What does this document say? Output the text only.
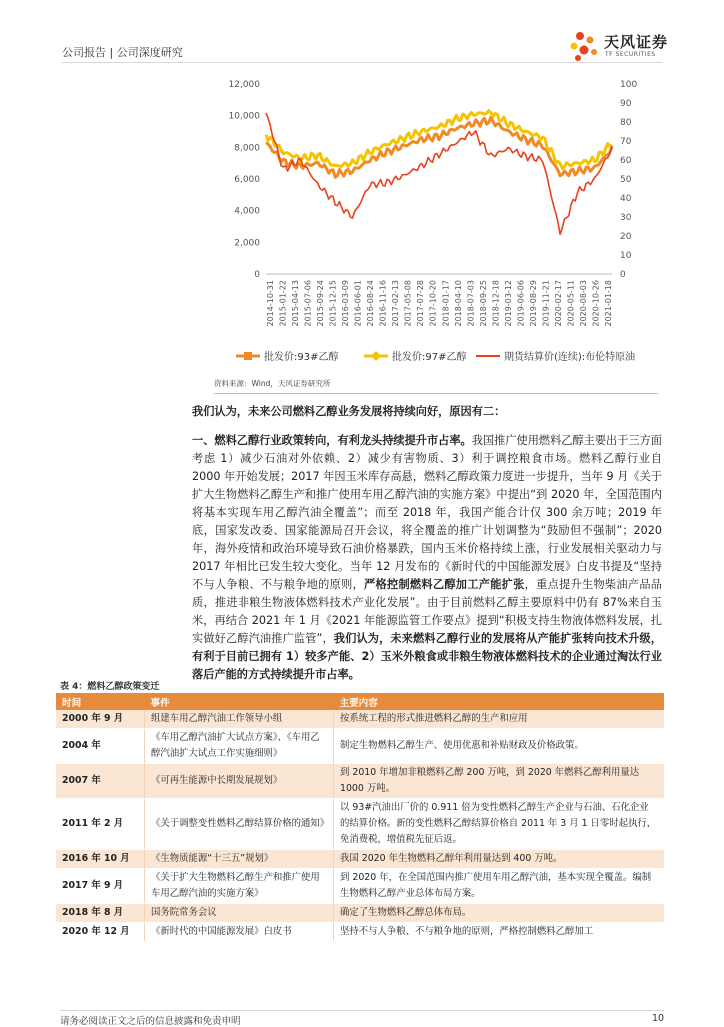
公司报告 | 公司深度研究
天风证券
TF SECURITIES
0
2,000
4,000
6,000
8,000
10,000
12,000
0
10
20
30
40
50
60
70
80
90
100
2014-10-31 2015-01-22 2015-04-13 2015-07-06 2015-09-24 2015-12-15 2016-03-09 2016-06-01 2016-08-24 2016-11-16 2017-02-13 2017-05-08 2017-07-28 2017-10-20 2018-01-17 2018-04-10 2018-07-03 2018-09-25 2018-12-18 2019-03-12 2019-06-06 2019-08-29 2019-11-21 2020-02-17 2020-05-11 2020-08-03 2020-10-26 2021-01-18
批发价:93#乙醇	批发价:97#乙醇	期货结算价(连续):布伦特原油
资料来源：Wind，天风证券研究所
我们认为，未来公司燃料乙醇业务发展将持续向好，原因有二：
一、燃料乙醇行业政策转向，有利龙头持续提升市占率。我国推广使用燃料乙醇主要出于三方面考虑 1）减少石油对外依赖、2）减少有害物质、3）利于调控粮食市场。燃料乙醇行业自 2000 年开始发展；2017 年因玉米库存高悬，燃料乙醇政策力度进一步提升，当年 9 月《关于扩大生物燃料乙醇生产和推广使用车用乙醇汽油的实施方案》中提出“到 2020 年，全国范围内将基本实现车用乙醇汽油全覆盖”；而至 2018 年，我国产能合计仅 300 余万吨；2019 年底，国家发改委、国家能源局召开会议，将全覆盖的推广计划调整为“鼓励但不强制”；2020 年，海外疫情和政治环境导致石油价格暴跌，国内玉米价格持续上涨，行业发展相关驱动力与 2017 年相比已发生较大变化。当年 12 月发布的《新时代的中国能源发展》白皮书提及“坚持不与人争粮、不与粮争地的原则，严格控制燃料乙醇加工产能扩张，重点提升生物柴油产品品质，推进非粮生物液体燃料技术产业化发展”。由于目前燃料乙醇主要原料中仍有 87%来自玉米，再结合 2021 年 1 月《2021 年能源监管工作要点》提到“积极支持生物液体燃料发展，扎实做好乙醇汽油推广监管”，我们认为，未来燃料乙醇行业的发展将从产能扩张转向技术升级，有利于目前已拥有 1）较多产能、2）玉米外粮食或非粮生物液体燃料技术的企业通过淘汰行业落后产能的方式持续提升市占率。
表 4：燃料乙醇政策变迁
时间	事件	主要内容
2000 年 9 月	组建车用乙醇汽油工作领导小组	按系统工程的形式推进燃料乙醇的生产和应用
2004 年	《车用乙醇汽油扩大试点方案》、《车用乙醇汽油扩大试点工作实施细则》	制定生物燃料乙醇生产、使用优惠和补贴财政及价格政策。
2007 年	《可再生能源中长期发展规划》	到 2010 年增加非粮燃料乙醇 200 万吨，到 2020 年燃料乙醇利用量达 1000 万吨。
2011 年 2 月	《关于调整变性燃料乙醇结算价格的通知》	以 93#汽油出厂价的 0.911 倍为变性燃料乙醇生产企业与石油、石化企业的结算价格。新的变性燃料乙醇结算价格自 2011 年 3 月 1 日零时起执行，免消费税，增值税先征后返。
2016 年 10 月	《生物质能源“十三五”规划》	我国 2020 年生物燃料乙醇年利用量达到 400 万吨。
2017 年 9 月	《关于扩大生物燃料乙醇生产和推广使用车用乙醇汽油的实施方案》	到 2020 年，在全国范围内推广使用车用乙醇汽油，基本实现全覆盖。编制生物燃料乙醇产业总体布局方案。
2018 年 8 月	国务院常务会议	确定了生物燃料乙醇总体布局。
2020 年 12 月	《新时代的中国能源发展》白皮书	坚持不与人争粮、不与粮争地的原则，严格控制燃料乙醇加工
请务必阅读正文之后的信息披露和免责申明	10
